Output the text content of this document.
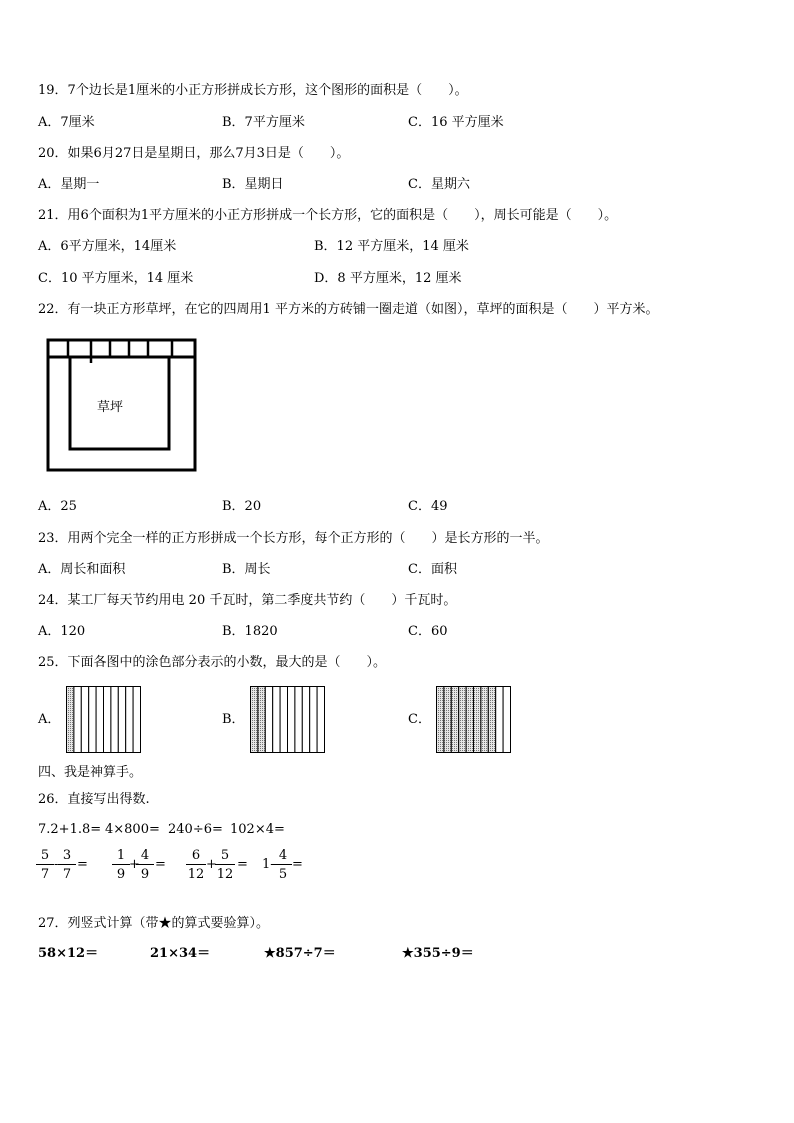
19．7个边长是1厘米的小正方形拼成长方形，这个图形的面积是（　　）。
A．7厘米	B．7平方厘米	C．16 平方厘米
20．如果6月27日是星期日，那么7月3日是（　　）。
A．星期一	B．星期日	C．星期六
21．用6个面积为1平方厘米的小正方形拼成一个长方形，它的面积是（　　），周长可能是（　　）。
A．6平方厘米，14厘米	B．12 平方厘米，14 厘米
C．10 平方厘米，14 厘米	D．8 平方厘米，12 厘米
22．有一块正方形草坪，在它的四周用1 平方米的方砖铺一圈走道（如图），草坪的面积是（　　）平方米。
草坪
A．25	B．20	C．49
23．用两个完全一样的正方形拼成一个长方形，每个正方形的（　　）是长方形的一半。
A．周长和面积	B．周长	C．面积
24．某工厂每天节约用电 20 千瓦时，第二季度共节约（　　）千瓦时。
A．120	B．1820	C．60
25．下面各图中的涂色部分表示的小数，最大的是（　　）。
A．	B．	C．
四、我是神算手。
26．直接写出得数.
7.2+1.8= 4×800= 240÷6= 102×4=
$\frac{5}{7} - \frac{3}{7} = \frac{1}{9}$ +
$\frac{4}{9} = \frac{6}{12}$ +
$\frac{5}{12} = 1- \frac{4}{5}$ =
27．列竖式计算（带★的算式要验算）。
58×12＝	21×34＝	★857÷7＝	★355÷9＝
